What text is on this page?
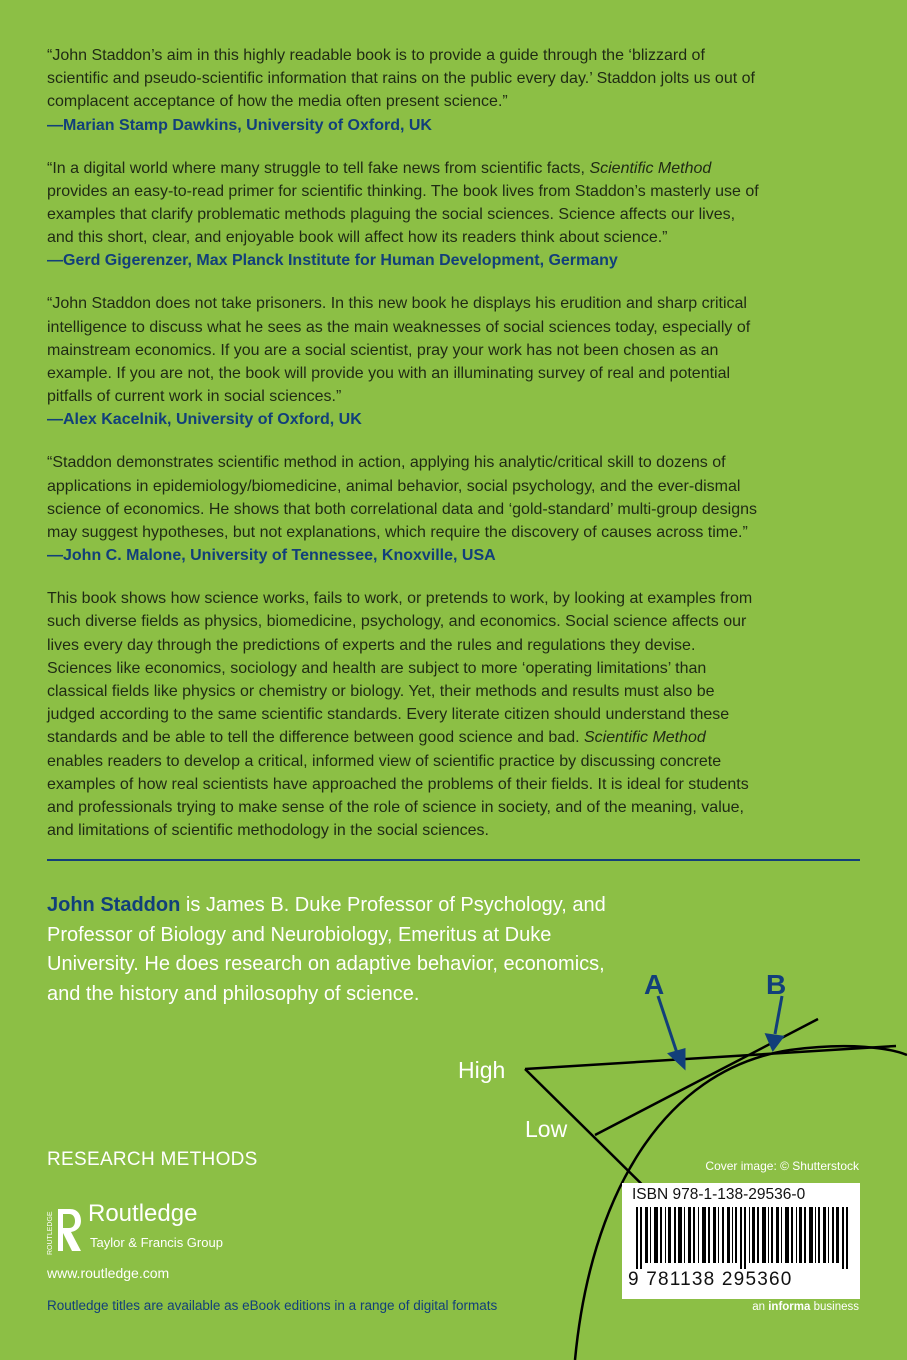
“John Staddon’s aim in this highly readable book is to provide a guide through the ‘blizzard of scientific and pseudo-scientific information that rains on the public every day.’ Staddon jolts us out of complacent acceptance of how the media often present science.”

—Marian Stamp Dawkins, University of Oxford, UK

“In a digital world where many struggle to tell fake news from scientific facts, Scientific Method provides an easy-to-read primer for scientific thinking. The book lives from Staddon’s masterly use of examples that clarify problematic methods plaguing the social sciences. Science affects our lives, and this short, clear, and enjoyable book will affect how its readers think about science.”

—Gerd Gigerenzer, Max Planck Institute for Human Development, Germany

“John Staddon does not take prisoners. In this new book he displays his erudition and sharp critical intelligence to discuss what he sees as the main weaknesses of social sciences today, especially of mainstream economics. If you are a social scientist, pray your work has not been chosen as an example. If you are not, the book will provide you with an illuminating survey of real and potential pitfalls of current work in social sciences.”

—Alex Kacelnik, University of Oxford, UK

“Staddon demonstrates scientific method in action, applying his analytic/critical skill to dozens of applications in epidemiology/biomedicine, animal behavior, social psychology, and the ever-dismal science of economics. He shows that both correlational data and ‘gold-standard’ multi-group designs may suggest hypotheses, but not explanations, which require the discovery of causes across time.”

—John C. Malone, University of Tennessee, Knoxville, USA

This book shows how science works, fails to work, or pretends to work, by looking at examples from such diverse fields as physics, biomedicine, psychology, and economics. Social science affects our lives every day through the predictions of experts and the rules and regulations they devise. Sciences like economics, sociology and health are subject to more ‘operating limitations’ than classical fields like physics or chemistry or biology. Yet, their methods and results must also be judged according to the same scientific standards. Every literate citizen should understand these standards and be able to tell the difference between good science and bad. Scientific Method enables readers to develop a critical, informed view of scientific practice by discussing concrete examples of how real scientists have approached the problems of their fields. It is ideal for students and professionals trying to make sense of the role of science in society, and of the meaning, value, and limitations of scientific methodology in the social sciences.

John Staddon is James B. Duke Professor of Psychology, and Professor of Biology and Neurobiology, Emeritus at Duke University. He does research on adaptive behavior, economics, and the history and philosophy of science.	A	B
High
Low
RESEARCH METHODS
ROUTLEDGE Routledge
Taylor & Francis Group
www.routledge.com
Routledge titles are available as eBook editions in a range of digital formats
Cover image: © Shutterstock
ISBN 978-1-138-29536-0
9 781138 295360
an informa business
